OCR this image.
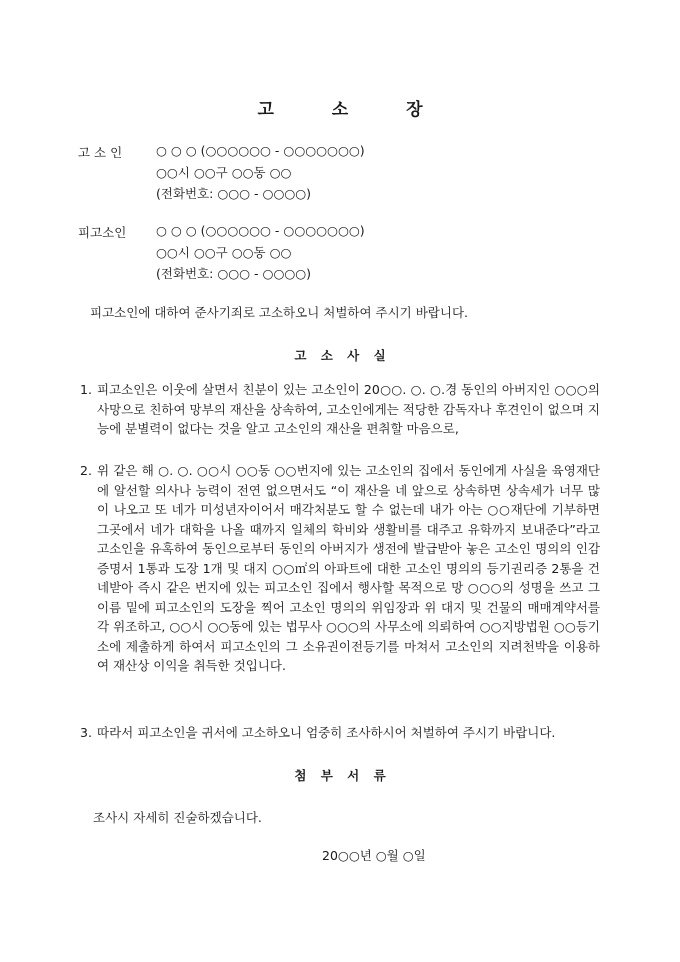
고 소 장
고 소 인	○ ○ ○ (○○○○○○ - ○○○○○○○)
○○시 ○○구 ○○동 ○○
(전화번호: ○○○ - ○○○○)
피고소인	○ ○ ○ (○○○○○○ - ○○○○○○○)
○○시 ○○구 ○○동 ○○
(전화번호: ○○○ - ○○○○)
피고소인에 대하여 준사기죄로 고소하오니 처벌하여 주시기 바랍니다.
고 소 사 실
1. 피고소인은 이웃에 살면서 친분이 있는 고소인이 20○○. ○. ○.경 동인의 아버지인 ○○○의 사망으로 친하여 망부의 재산을 상속하여, 고소인에게는 적당한 감독자나 후견인이 없으며 지능에 분별력이 없다는 것을 알고 고소인의 재산을 편취할 마음으로,
2. 위 같은 해 ○. ○. ○○시 ○○동 ○○번지에 있는 고소인의 집에서 동인에게 사실을 육영재단에 알선할 의사나 능력이 전연 없으면서도 “이 재산을 네 앞으로 상속하면 상속세가 너무 많이 나오고 또 네가 미성년자이어서 매각처분도 할 수 없는데 내가 아는 ○○재단에 기부하면 그곳에서 네가 대학을 나올 때까지 일체의 학비와 생활비를 대주고 유학까지 보내준다”라고 고소인을 유혹하여 동인으로부터 동인의 아버지가 생전에 발급받아 놓은 고소인 명의의 인감증명서 1통과 도장 1개 및 대지 ○○㎡의 아파트에 대한 고소인 명의의 등기권리증 2통을 건네받아 즉시 같은 번지에 있는 피고소인 집에서 행사할 목적으로 망 ○○○의 성명을 쓰고 그 이름 밑에 피고소인의 도장을 찍어 고소인 명의의 위임장과 위 대지 및 건물의 매매계약서를 각 위조하고, ○○시 ○○동에 있는 법무사 ○○○의 사무소에 의뢰하여 ○○지방법원 ○○등기소에 제출하게 하여서 피고소인의 그 소유권이전등기를 마쳐서 고소인의 지려천박을 이용하여 재산상 이익을 취득한 것입니다.
3. 따라서 피고소인을 귀서에 고소하오니 엄중히 조사하시어 처벌하여 주시기 바랍니다.
첨 부 서 류
조사시 자세히 진술하겠습니다.
20○○년 ○월 ○일
